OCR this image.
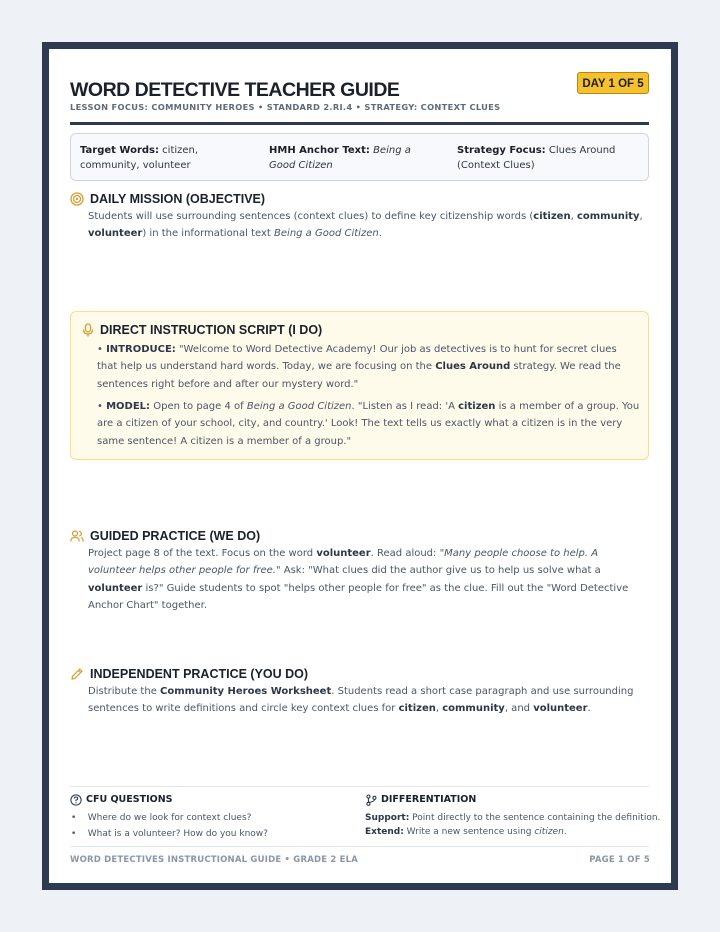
WORD DETECTIVE TEACHER GUIDE	DAY 1 OF 5
LESSON FOCUS: COMMUNITY HEROES • STANDARD 2.RI.4 • STRATEGY: CONTEXT CLUES
Target Words: citizen, community, volunteer
HMH Anchor Text: Being a Good Citizen
Strategy Focus: Clues Around (Context Clues)
DAILY MISSION (OBJECTIVE)
Students will use surrounding sentences (context clues) to define key citizenship words (citizen, community, volunteer) in the informational text Being a Good Citizen.
DIRECT INSTRUCTION SCRIPT (I DO)
• INTRODUCE: "Welcome to Word Detective Academy! Our job as detectives is to hunt for secret clues that help us understand hard words. Today, we are focusing on the Clues Around strategy. We read the sentences right before and after our mystery word."
• MODEL: Open to page 4 of Being a Good Citizen. "Listen as I read: 'A citizen is a member of a group. You are a citizen of your school, city, and country.' Look! The text tells us exactly what a citizen is in the very same sentence! A citizen is a member of a group."
GUIDED PRACTICE (WE DO)
Project page 8 of the text. Focus on the word volunteer. Read aloud: "Many people choose to help. A volunteer helps other people for free." Ask: "What clues did the author give us to help us solve what a volunteer is?" Guide students to spot "helps other people for free" as the clue. Fill out the "Word Detective Anchor Chart" together.
INDEPENDENT PRACTICE (YOU DO)
Distribute the Community Heroes Worksheet. Students read a short case paragraph and use surrounding sentences to write definitions and circle key context clues for citizen, community, and volunteer.
CFU QUESTIONS
•    Where do we look for context clues?
•    What is a volunteer? How do you know?
DIFFERENTIATION
Support: Point directly to the sentence containing the definition.
Extend: Write a new sentence using citizen.
WORD DETECTIVES INSTRUCTIONAL GUIDE • GRADE 2 ELA	PAGE 1 OF 5
